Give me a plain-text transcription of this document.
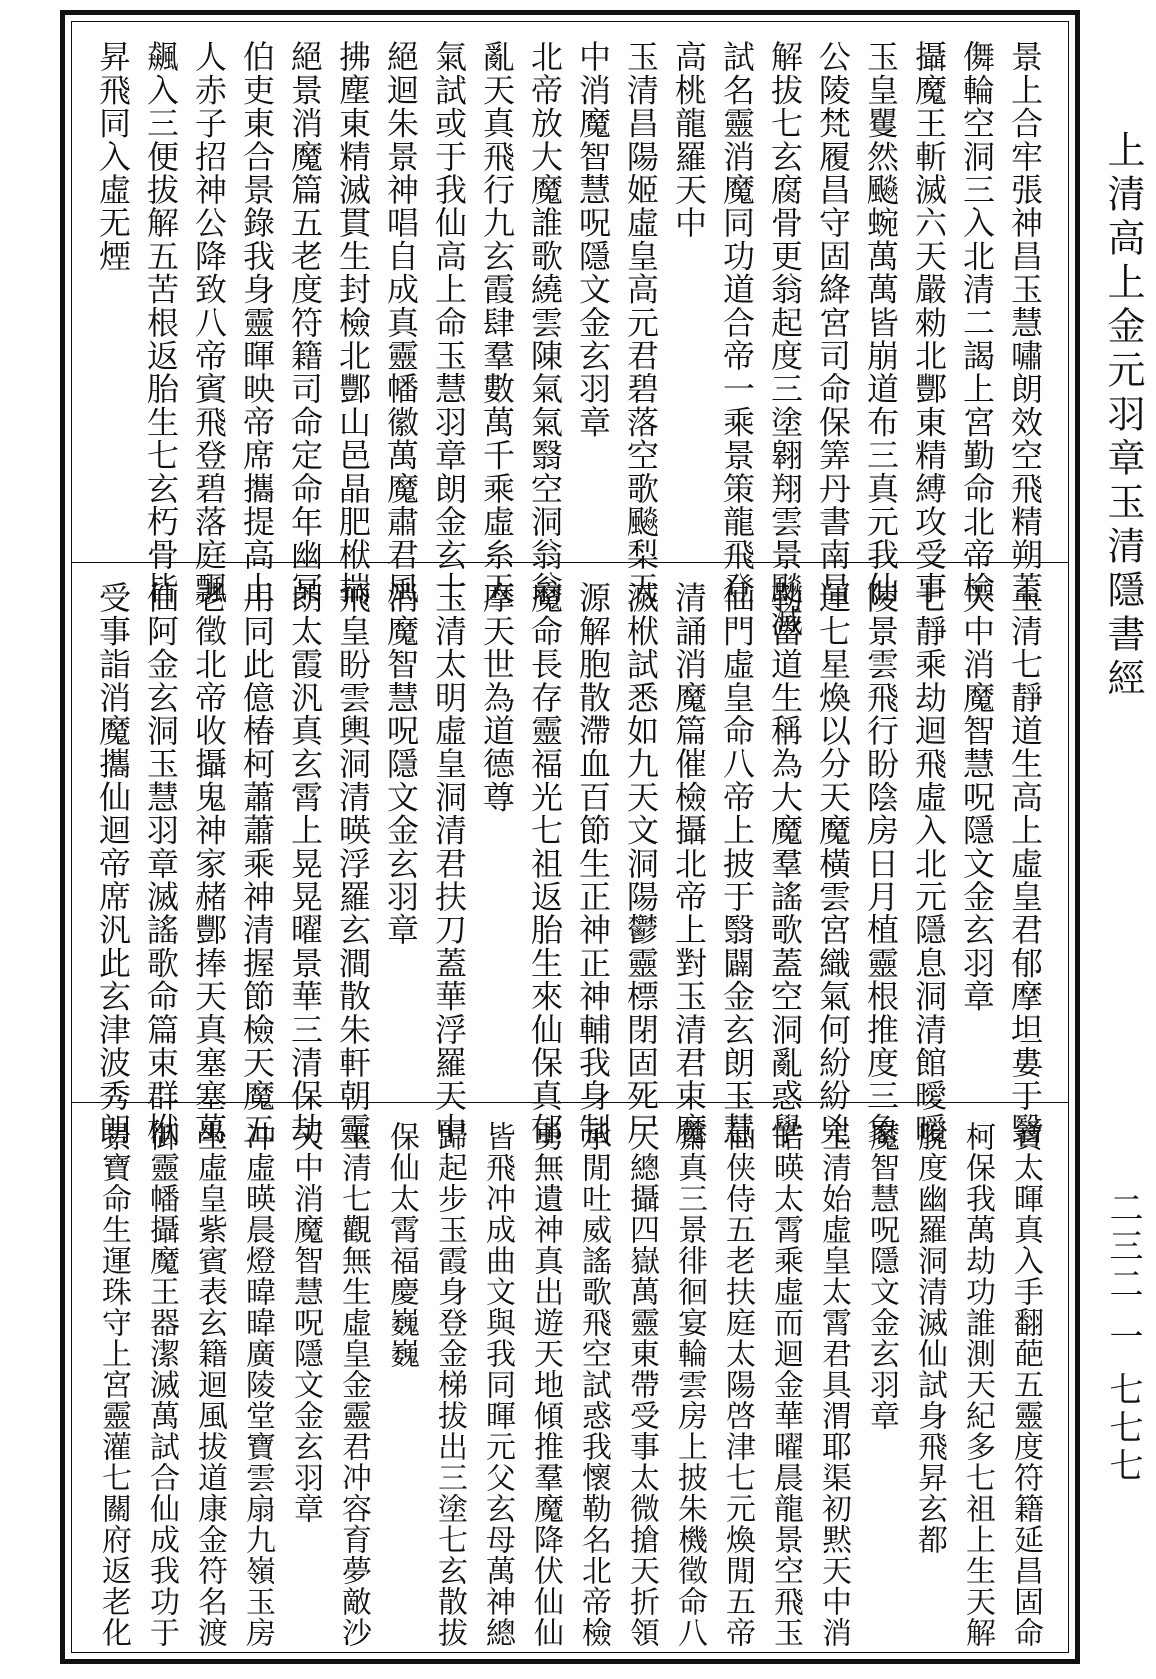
上清高上金元羽章玉清隱書經
二三二 一 七七七
景上合牢張神昌玉慧嘯朗效空飛精朔蓋
儛輪空洞三入北清二謁上宮勤命北帝檢
攝魔王斬滅六天嚴勑北酆東精縛攻受事
玉皇矍然飈蜿萬萬皆崩道布三真元我仙
公陵梵履昌守固絳宮司命保筭丹書南昌
解拔七玄腐骨更翁起度三塗翱翔雲景飈滅
試名靈消魔同功道合帝一乘景策龍飛登
高桃龍羅天中
玉清昌陽姬虛皇高元君碧落空歌飈梨天
中消魔智慧呪隱文金玄羽章
北帝放大魔誰歌繞雲陳氣氣翳空洞翁翁
亂天真飛行九玄霞肆羣數萬千乘虛糸天
氣試或于我仙高上命玉慧羽章朗金玄十
絕迴朱景神唱自成真靈幡徽萬魔肅君風
拂塵東精滅貫生封檢北酆山邑晶肥栿揣
絕景消魔篇五老度符籍司命定命年幽冥
伯吏東合景錄我身靈暉映帝席攜提高上
人赤子招神公降致八帝賓飛登碧落庭飄
飆入三便拔解五苦根返胎生七玄朽骨皆
昇飛同入虛无煙
玉清七靜道生高上虛皇君郁摩坦婁于翳
天中消魔智慧呪隱文金玄羽章
七靜乘劫迴飛虛入北元隱息洞清館曖曖
陵景雲飛行盼陰房日月植靈根推度三象
運七星煥以分天魔橫雲宮織氣何紛紛兇
勒當道生稱為大魔羣謠歌蓋空洞亂惑學
仙門虛皇命八帝上披于翳闢金玄朗玉慧
清誦消魔篇催檢攝北帝上對玉清君束魔
滅栿試悉如九天文洞陽鬱靈標閉固死尸
源解胞散滯血百節生正神正神輔我身制
魔命長存靈福光七祖返胎生來仙保真郁
摩天世為道德尊
玉清太明虛皇洞清君扶刀蓋華浮羅天中
消魔智慧呪隱文金玄羽章
飛皇盼雲輿洞清暎浮羅玄澗散朱軒朝靈
朗太霞汎真玄霄上晃晃曜景華三清保劫
用同此億椿柯蕭蕭乘神清握節檢天魔五
老徵北帝收攝鬼神家赭酆捧天真塞塞萬
仙阿金玄洞玉慧羽章滅謠歌命篇束群栿
受事詣消魔攜仙迴帝席汎此玄津波秀朗
寶太暉真入手翻葩五靈度符籍延昌固命
柯保我萬劫功誰測天紀多七祖上生天解
脫度幽羅洞清滅仙試身飛昇玄都
魔智慧呪隱文金玄羽章
玉清始虛皇太霄君具渭耶渠初黙天中消
皓暎太霄乘虛而迴金華曜晨龍景空飛玉
仙侠侍五老扶庭太陽啓津七元煥閒五帝
齋真三景徘徊宴輪雲房上披朱機徵命八
天總攝四嶽萬靈東帶受事太微搶天折領
承閒吐威謠歌飛空試惑我懷勒名北帝檢
勇無遺神真出遊天地傾推羣魔降伏仙仙
皆飛冲成曲文與我同暉元父玄母萬神總
歸起步玉霞身登金梯拔出三塗七玄散拔
保仙太霄福慶巍巍
玉清七觀無生虛皇金靈君冲容育夢敵沙
天中消魔智慧呪隱文金玄羽章
冲虛暎晨燈暐暐廣陵堂寶雲扇九嶺玉房
坐虛皇紫賓表玄籍迴風拔道康金符名渡
御靈幡攝魔王器潔滅萬試合仙成我功于
景寶命生運珠守上宮靈灌七關府返老化
